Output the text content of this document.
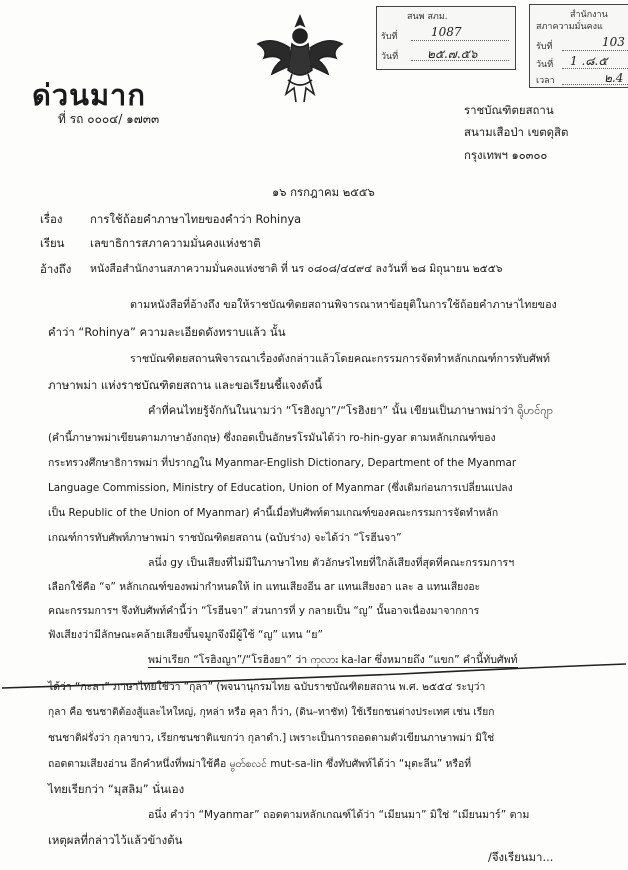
สนพ สภม.
รับที่	1087
วันที่ ๒๕.๗.๕๖
สำนักงาน
สภาความมั่นคงแ
รับที่	103
วันที่ 1 .๘.๕
เวลา	๒.4
ด่วนมาก
ที่ รถ ๐๐๐๔/ ๑๗๓๓
ราชบัณฑิตยสถาน
สนามเสือป่า เขตดุสิต
กรุงเทพฯ ๑๐๓๐๐
๑๖ กรกฎาคม ๒๕๕๖
เรื่อง การใช้ถ้อยคำภาษาไทยของคำว่า Rohinya
เรียน เลขาธิการสภาความมั่นคงแห่งชาติ
อ้างถึง หนังสือสำนักงานสภาความมั่นคงแห่งชาติ ที่ นร ๐๘๐๘/๔๔๙๔ ลงวันที่ ๒๘ มิถุนายน ๒๕๕๖
ตามหนังสือที่อ้างถึง ขอให้ราชบัณฑิตยสถานพิจารณาหาข้อยุติในการใช้ถ้อยคำภาษาไทยของ
คำว่า “Rohinya” ความละเอียดดังทราบแล้ว นั้น
ราชบัณฑิตยสถานพิจารณาเรื่องดังกล่าวแล้วโดยคณะกรรมการจัดทำหลักเกณฑ์การทับศัพท์
ภาษาพม่า แห่งราชบัณฑิตยสถาน และขอเรียนชี้แจงดังนี้
คำที่คนไทยรู้จักกันในนามว่า “โรฮิงญา”/“โรฮิงยา” นั้น เขียนเป็นภาษาพม่าว่า ရိုဟင်ဂျာ
(คำนี้ภาษาพม่าเขียนตามภาษาอังกฤษ) ซึ่งถอดเป็นอักษรโรมันได้ว่า ro-hin-gyar ตามหลักเกณฑ์ของ
กระทรวงศึกษาธิการพม่า ที่ปรากฏใน Myanmar-English Dictionary, Department of the Myanmar
Language Commission, Ministry of Education, Union of Myanmar (ซึ่งเดิมก่อนการเปลี่ยนแปลง
เป็น Republic of the Union of Myanmar) คำนี้เมื่อทับศัพท์ตามเกณฑ์ของคณะกรรมการจัดทำหลัก
เกณฑ์การทับศัพท์ภาษาพม่า ราชบัณฑิตยสถาน (ฉบับร่าง) จะได้ว่า “โรฮีนจา”
ลนึ่ง gy เป็นเสียงที่ไม่มีในภาษาไทย ตัวอักษรไทยที่ใกล้เสียงที่สุดที่คณะกรรมการฯ
เลือกใช้คือ “จ” หลักเกณฑ์ของพม่ากำหนดให้ in แทนเสียงอีน ar แทนเสียงอา และ a แทนเสียงอะ
คณะกรรมการฯ จึงทับศัพท์คำนี้ว่า “โรฮีนจา” ส่วนการที่ y กลายเป็น “ญ” นั้นอาจเนื่องมาจากการ
ฟังเสียงว่ามีลักษณะคล้ายเสียงขึ้นจมูกจึงมีผู้ใช้ “ญ” แทน “ย”
พม่าเรียก “โรฮิงญา”/“โรฮิงยา” ว่า ကုလား ka-lar ซึ่งหมายถึง “แขก” คำนี้ทับศัพท์
ได้ว่า “กะลา” ภาษาไทยใช้ว่า “กุลา” (พจนานุกรมไทย ฉบับราชบัณฑิตยสถาน พ.ศ. ๒๕๕๔ ระบุว่า
กุลา คือ ชนชาติต้องสู้และไหใหญ่, กุหล่า หรือ คุลา ก็ว่า, (ดิน–ทาชัท) ใช้เรียกชนต่างประเทศ เช่น เรียก
ชนชาติฝรั่งว่า กุลาขาว, เรียกชนชาติแขกว่า กุลาดำ.] เพราะเป็นการถอดตามตัวเขียนภาษาพม่า มิใช่
ถอดตามเสียงอ่าน อีกคำหนึ่งที่พม่าใช้คือ မွတ်စလင် mut-sa-lin ซึ่งทับศัพท์ได้ว่า “มุตะลีน” หรือที่
ไทยเรียกว่า “มุสลิม” นั่นเอง
อนึ่ง คำว่า “Myanmar” ถอดตามหลักเกณฑ์ได้ว่า “เมียนมา” มิใช่ “เมียนมาร์” ตาม
เหตุผลที่กล่าวไว้แล้วข้างต้น
/จึงเรียนมา...
